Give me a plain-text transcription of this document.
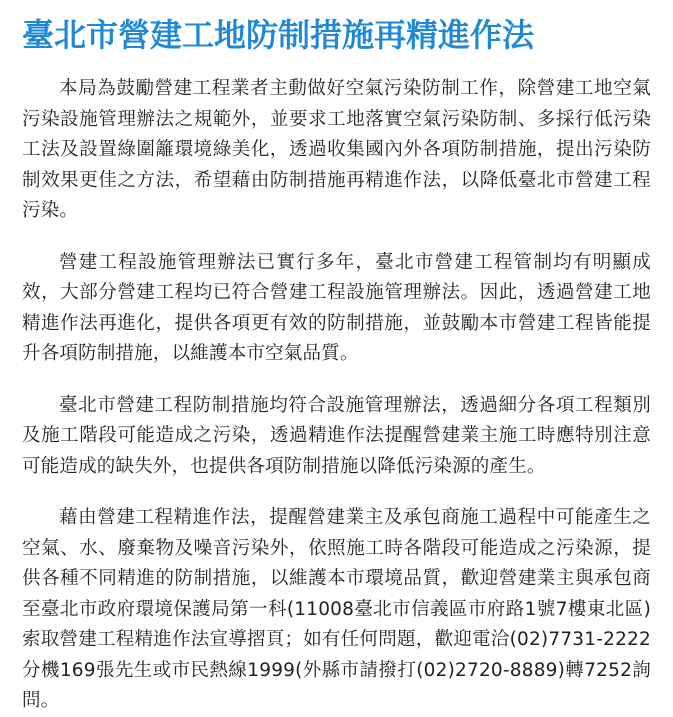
臺北市營建工地防制措施再精進作法

本局為鼓勵營建工程業者主動做好空氣污染防制工作，除營建工地空氣污染設施管理辦法之規範外，並要求工地落實空氣污染防制、多採行低污染工法及設置綠圍籬環境綠美化，透過收集國內外各項防制措施，提出污染防制效果更佳之方法，希望藉由防制措施再精進作法，以降低臺北市營建工程污染。

營建工程設施管理辦法已實行多年，臺北市營建工程管制均有明顯成效，大部分營建工程均已符合營建工程設施管理辦法。因此，透過營建工地精進作法再進化，提供各項更有效的防制措施，並鼓勵本市營建工程皆能提升各項防制措施，以維護本市空氣品質。

臺北市營建工程防制措施均符合設施管理辦法，透過細分各項工程類別及施工階段可能造成之污染，透過精進作法提醒營建業主施工時應特別注意可能造成的缺失外，也提供各項防制措施以降低污染源的產生。

藉由營建工程精進作法，提醒營建業主及承包商施工過程中可能產生之空氣、水、廢棄物及噪音污染外，依照施工時各階段可能造成之污染源，提供各種不同精進的防制措施，以維護本市環境品質，歡迎營建業主與承包商至臺北市政府環境保護局第一科(11008臺北市信義區市府路1號7樓東北區)索取營建工程精進作法宣導摺頁；如有任何問題，歡迎電洽(02)7731-2222分機169張先生或市民熱線1999(外縣市請撥打(02)2720-8889)轉7252詢問。
